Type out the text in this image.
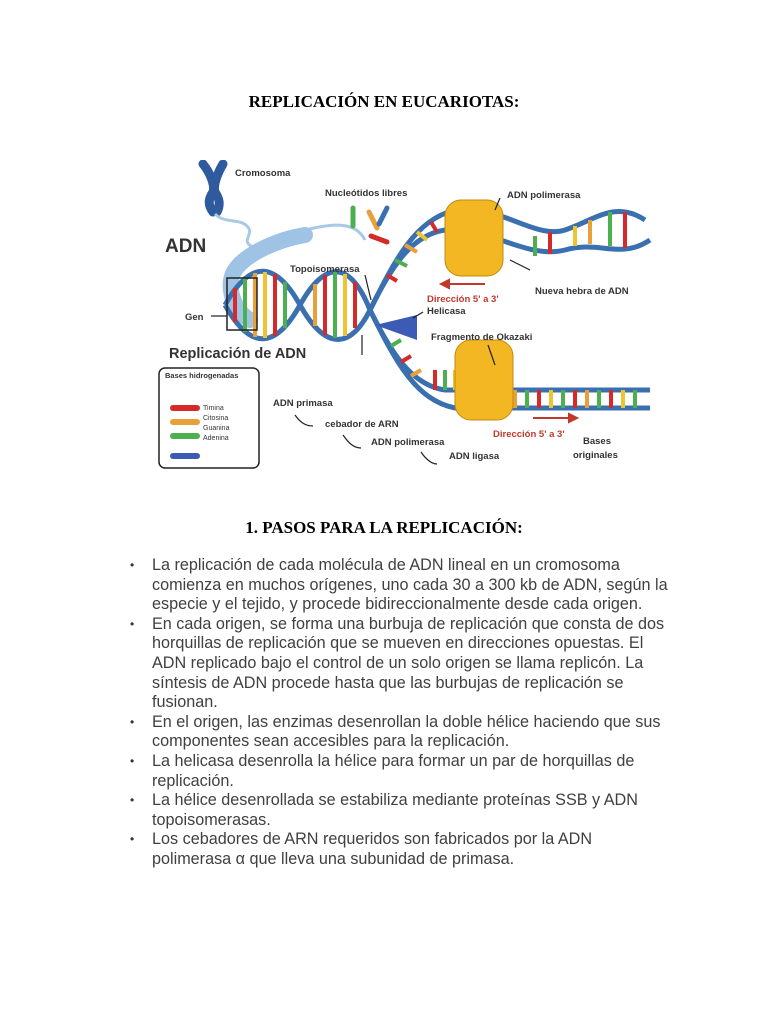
REPLICACIÓN EN EUCARIOTAS:
Cromosoma
ADN
Nucleótidos libres	ADN polimerasa
Topoisomerasa
Gen
Dirección 5' a 3'
Nueva hebra de ADN
Helicasa
Fragmento de Okazaki
Replicación de ADN
Bases hidrogenadas
Timina
Citosina
Guanina
Adenina
ADN primasa
cebador de ARN
ADN polimerasa
Dirección 5' a 3'
ADN ligasa
Bases
originales
1. PASOS PARA LA REPLICACIÓN:
• La replicación de cada molécula de ADN lineal en un cromosoma comienza en muchos orígenes, uno cada 30 a 300 kb de ADN, según la especie y el tejido, y procede bidireccionalmente desde cada origen.
• En cada origen, se forma una burbuja de replicación que consta de dos horquillas de replicación que se mueven en direcciones opuestas. El ADN replicado bajo el control de un solo origen se llama replicón. La síntesis de ADN procede hasta que las burbujas de replicación se fusionan.
• En el origen, las enzimas desenrollan la doble hélice haciendo que sus componentes sean accesibles para la replicación.
• La helicasa desenrolla la hélice para formar un par de horquillas de replicación.
• La hélice desenrollada se estabiliza mediante proteínas SSB y ADN topoisomerasas.
• Los cebadores de ARN requeridos son fabricados por la ADN polimerasa α que lleva una subunidad de primasa.
